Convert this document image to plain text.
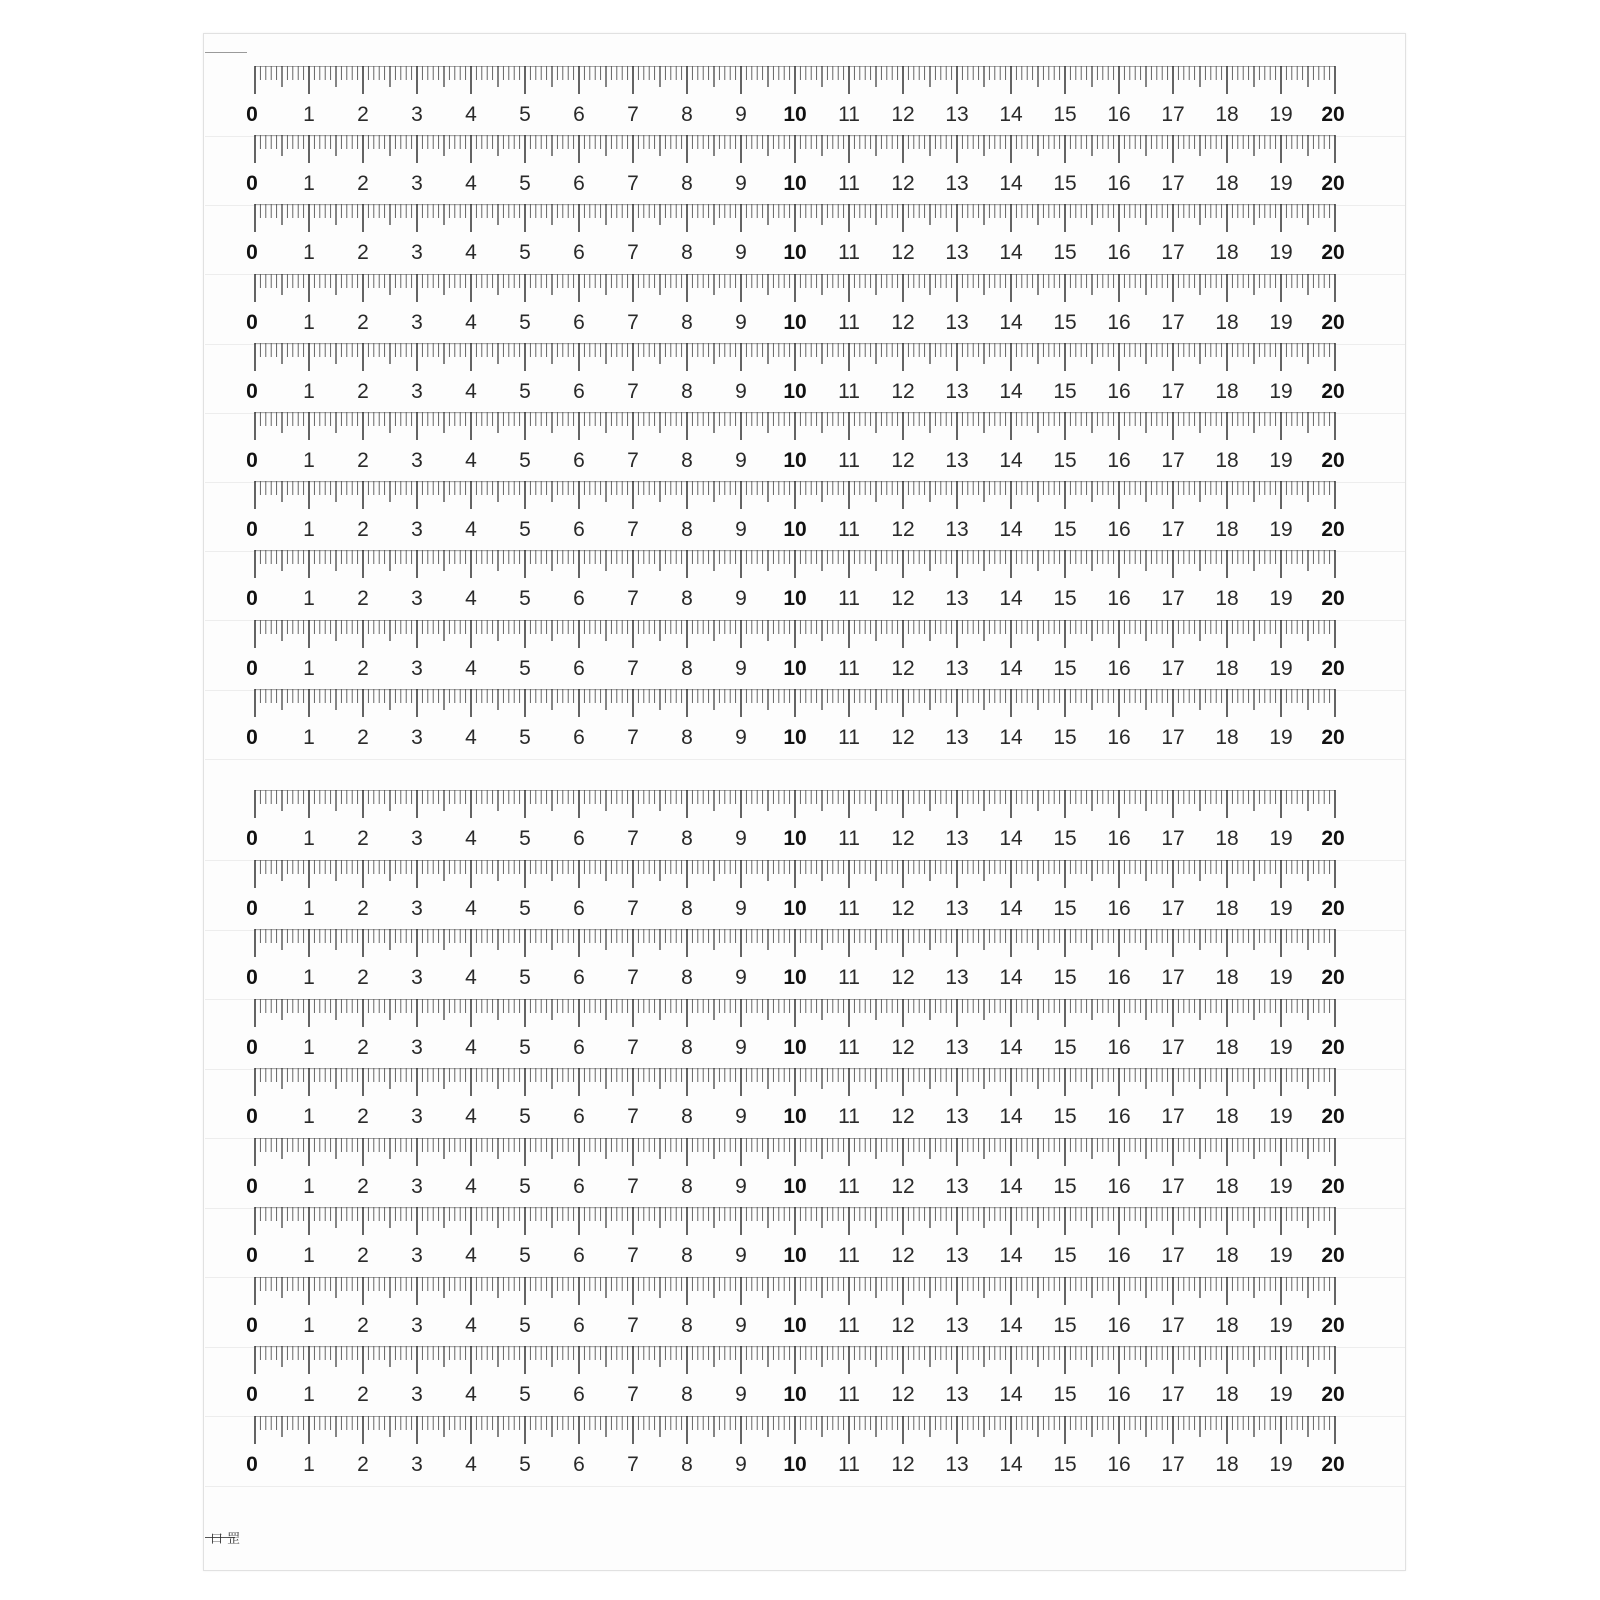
0 1 2 3 4 5 6 7 8 9 10 11 12 13 14 15 16 17 18 19 20
0 1 2 3 4 5 6 7 8 9 10 11 12 13 14 15 16 17 18 19 20
0 1 2 3 4 5 6 7 8 9 10 11 12 13 14 15 16 17 18 19 20
0 1 2 3 4 5 6 7 8 9 10 11 12 13 14 15 16 17 18 19 20
0 1 2 3 4 5 6 7 8 9 10 11 12 13 14 15 16 17 18 19 20
0 1 2 3 4 5 6 7 8 9 10 11 12 13 14 15 16 17 18 19 20
0 1 2 3 4 5 6 7 8 9 10 11 12 13 14 15 16 17 18 19 20
0 1 2 3 4 5 6 7 8 9 10 11 12 13 14 15 16 17 18 19 20
0 1 2 3 4 5 6 7 8 9 10 11 12 13 14 15 16 17 18 19 20
0 1 2 3 4 5 6 7 8 9 10 11 12 13 14 15 16 17 18 19 20
0 1 2 3 4 5 6 7 8 9 10 11 12 13 14 15 16 17 18 19 20
0 1 2 3 4 5 6 7 8 9 10 11 12 13 14 15 16 17 18 19 20
0 1 2 3 4 5 6 7 8 9 10 11 12 13 14 15 16 17 18 19 20
0 1 2 3 4 5 6 7 8 9 10 11 12 13 14 15 16 17 18 19 20
0 1 2 3 4 5 6 7 8 9 10 11 12 13 14 15 16 17 18 19 20
0 1 2 3 4 5 6 7 8 9 10 11 12 13 14 15 16 17 18 19 20
0 1 2 3 4 5 6 7 8 9 10 11 12 13 14 15 16 17 18 19 20
0 1 2 3 4 5 6 7 8 9 10 11 12 13 14 15 16 17 18 19 20
0 1 2 3 4 5 6 7 8 9 10 11 12 13 14 15 16 17 18 19 20
0 1 2 3 4 5 6 7 8 9 10 11 12 13 14 15 16 17 18 19 20
口 罡
